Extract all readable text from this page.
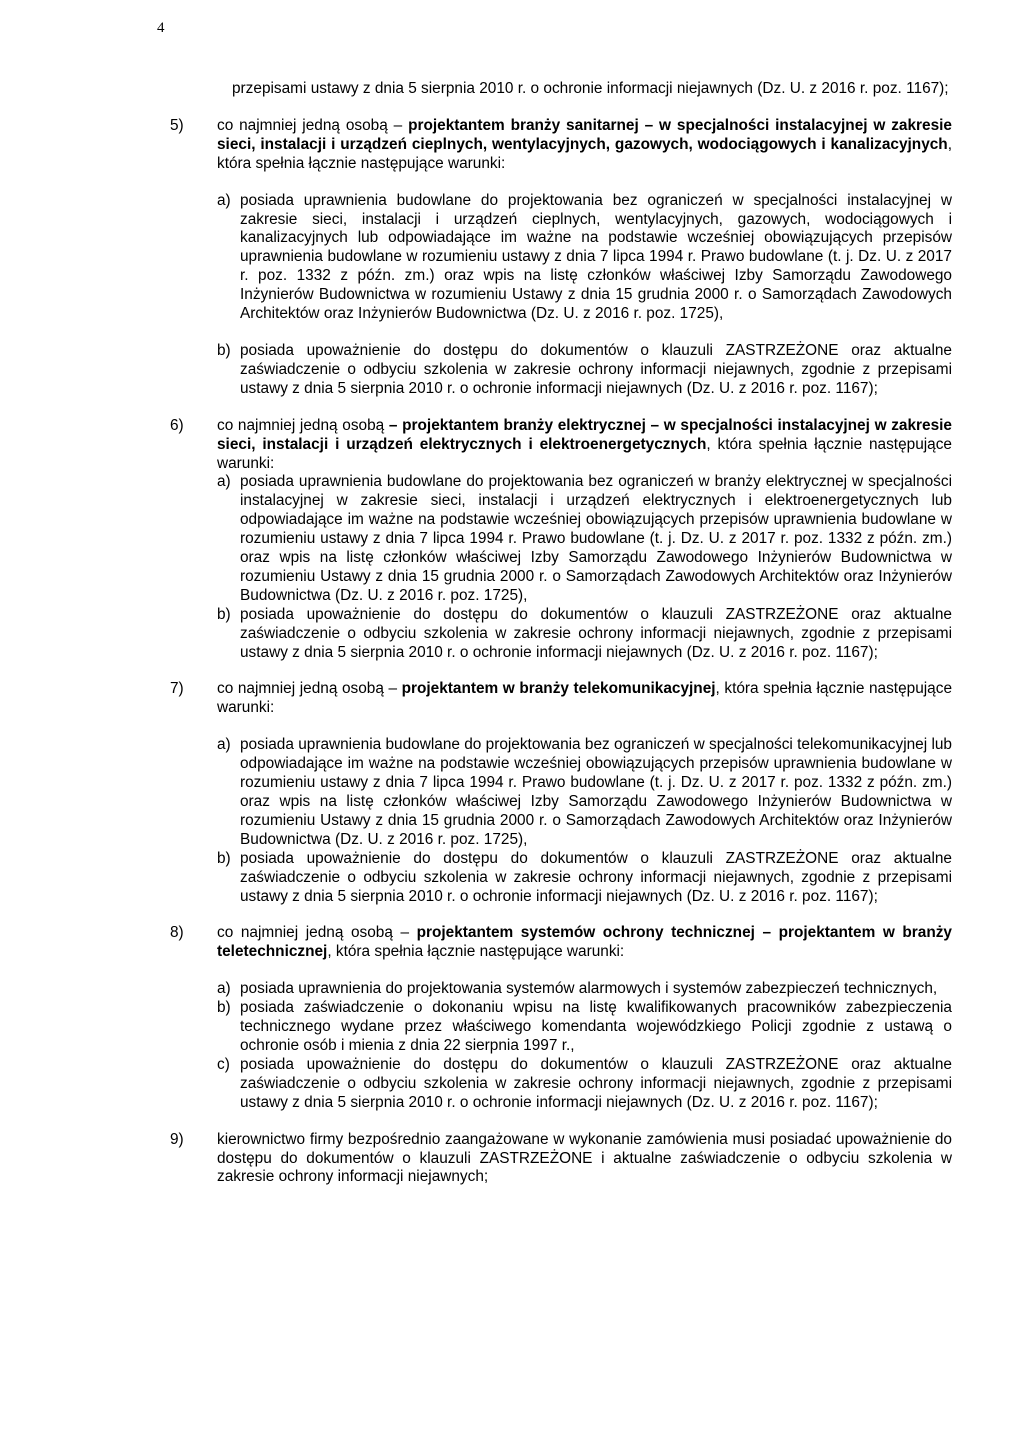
4
przepisami ustawy z dnia 5 sierpnia 2010 r. o ochronie informacji niejawnych (Dz. U. z 2016 r. poz. 1167);
5) co najmniej jedną osobą – projektantem branży sanitarnej – w specjalności instalacyjnej w zakresie sieci, instalacji i urządzeń cieplnych, wentylacyjnych, gazowych, wodociągowych i kanalizacyjnych, która spełnia łącznie następujące warunki:
a) posiada uprawnienia budowlane do projektowania bez ograniczeń w specjalności instalacyjnej w zakresie sieci, instalacji i urządzeń cieplnych, wentylacyjnych, gazowych, wodociągowych i kanalizacyjnych lub odpowiadające im ważne na podstawie wcześniej obowiązujących przepisów uprawnienia budowlane w rozumieniu ustawy z dnia 7 lipca 1994 r. Prawo budowlane (t. j. Dz. U. z 2017 r. poz. 1332 z późn. zm.) oraz wpis na listę członków właściwej Izby Samorządu Zawodowego Inżynierów Budownictwa w rozumieniu Ustawy z dnia 15 grudnia 2000 r. o Samorządach Zawodowych Architektów oraz Inżynierów Budownictwa (Dz. U. z 2016 r. poz. 1725),
b) posiada upoważnienie do dostępu do dokumentów o klauzuli ZASTRZEŻONE oraz aktualne zaświadczenie o odbyciu szkolenia w zakresie ochrony informacji niejawnych, zgodnie z przepisami ustawy z dnia 5 sierpnia 2010 r. o ochronie informacji niejawnych (Dz. U. z 2016 r. poz. 1167);
6) co najmniej jedną osobą – projektantem branży elektrycznej – w specjalności instalacyjnej w zakresie sieci, instalacji i urządzeń elektrycznych i elektroenergetycznych, która spełnia łącznie następujące warunki:
a) posiada uprawnienia budowlane do projektowania bez ograniczeń w branży elektrycznej w specjalności instalacyjnej w zakresie sieci, instalacji i urządzeń elektrycznych i elektroenergetycznych lub odpowiadające im ważne na podstawie wcześniej obowiązujących przepisów uprawnienia budowlane w rozumieniu ustawy z dnia 7 lipca 1994 r. Prawo budowlane (t. j. Dz. U. z 2017 r. poz. 1332 z późn. zm.) oraz wpis na listę członków właściwej Izby Samorządu Zawodowego Inżynierów Budownictwa w rozumieniu Ustawy z dnia 15 grudnia 2000 r. o Samorządach Zawodowych Architektów oraz Inżynierów Budownictwa (Dz. U. z 2016 r. poz. 1725),
b) posiada upoważnienie do dostępu do dokumentów o klauzuli ZASTRZEŻONE oraz aktualne zaświadczenie o odbyciu szkolenia w zakresie ochrony informacji niejawnych, zgodnie z przepisami ustawy z dnia 5 sierpnia 2010 r. o ochronie informacji niejawnych (Dz. U. z 2016 r. poz. 1167);
7) co najmniej jedną osobą – projektantem w branży telekomunikacyjnej, która spełnia łącznie następujące warunki:
a) posiada uprawnienia budowlane do projektowania bez ograniczeń w specjalności telekomunikacyjnej lub odpowiadające im ważne na podstawie wcześniej obowiązujących przepisów uprawnienia budowlane w rozumieniu ustawy z dnia 7 lipca 1994 r. Prawo budowlane (t. j. Dz. U. z 2017 r. poz. 1332 z późn. zm.) oraz wpis na listę członków właściwej Izby Samorządu Zawodowego Inżynierów Budownictwa w rozumieniu Ustawy z dnia 15 grudnia 2000 r. o Samorządach Zawodowych Architektów oraz Inżynierów Budownictwa (Dz. U. z 2016 r. poz. 1725),
b) posiada upoważnienie do dostępu do dokumentów o klauzuli ZASTRZEŻONE oraz aktualne zaświadczenie o odbyciu szkolenia w zakresie ochrony informacji niejawnych, zgodnie z przepisami ustawy z dnia 5 sierpnia 2010 r. o ochronie informacji niejawnych (Dz. U. z 2016 r. poz. 1167);
8) co najmniej jedną osobą – projektantem systemów ochrony technicznej – projektantem w branży teletechnicznej, która spełnia łącznie następujące warunki:
a) posiada uprawnienia do projektowania systemów alarmowych i systemów zabezpieczeń technicznych,
b) posiada zaświadczenie o dokonaniu wpisu na listę kwalifikowanych pracowników zabezpieczenia technicznego wydane przez właściwego komendanta wojewódzkiego Policji zgodnie z ustawą o ochronie osób i mienia z dnia 22 sierpnia 1997 r.,
c) posiada upoważnienie do dostępu do dokumentów o klauzuli ZASTRZEŻONE oraz aktualne zaświadczenie o odbyciu szkolenia w zakresie ochrony informacji niejawnych, zgodnie z przepisami ustawy z dnia 5 sierpnia 2010 r. o ochronie informacji niejawnych (Dz. U. z 2016 r. poz. 1167);
9) kierownictwo firmy bezpośrednio zaangażowane w wykonanie zamówienia musi posiadać upoważnienie do dostępu do dokumentów o klauzuli ZASTRZEŻONE i aktualne zaświadczenie o odbyciu szkolenia w zakresie ochrony informacji niejawnych;
